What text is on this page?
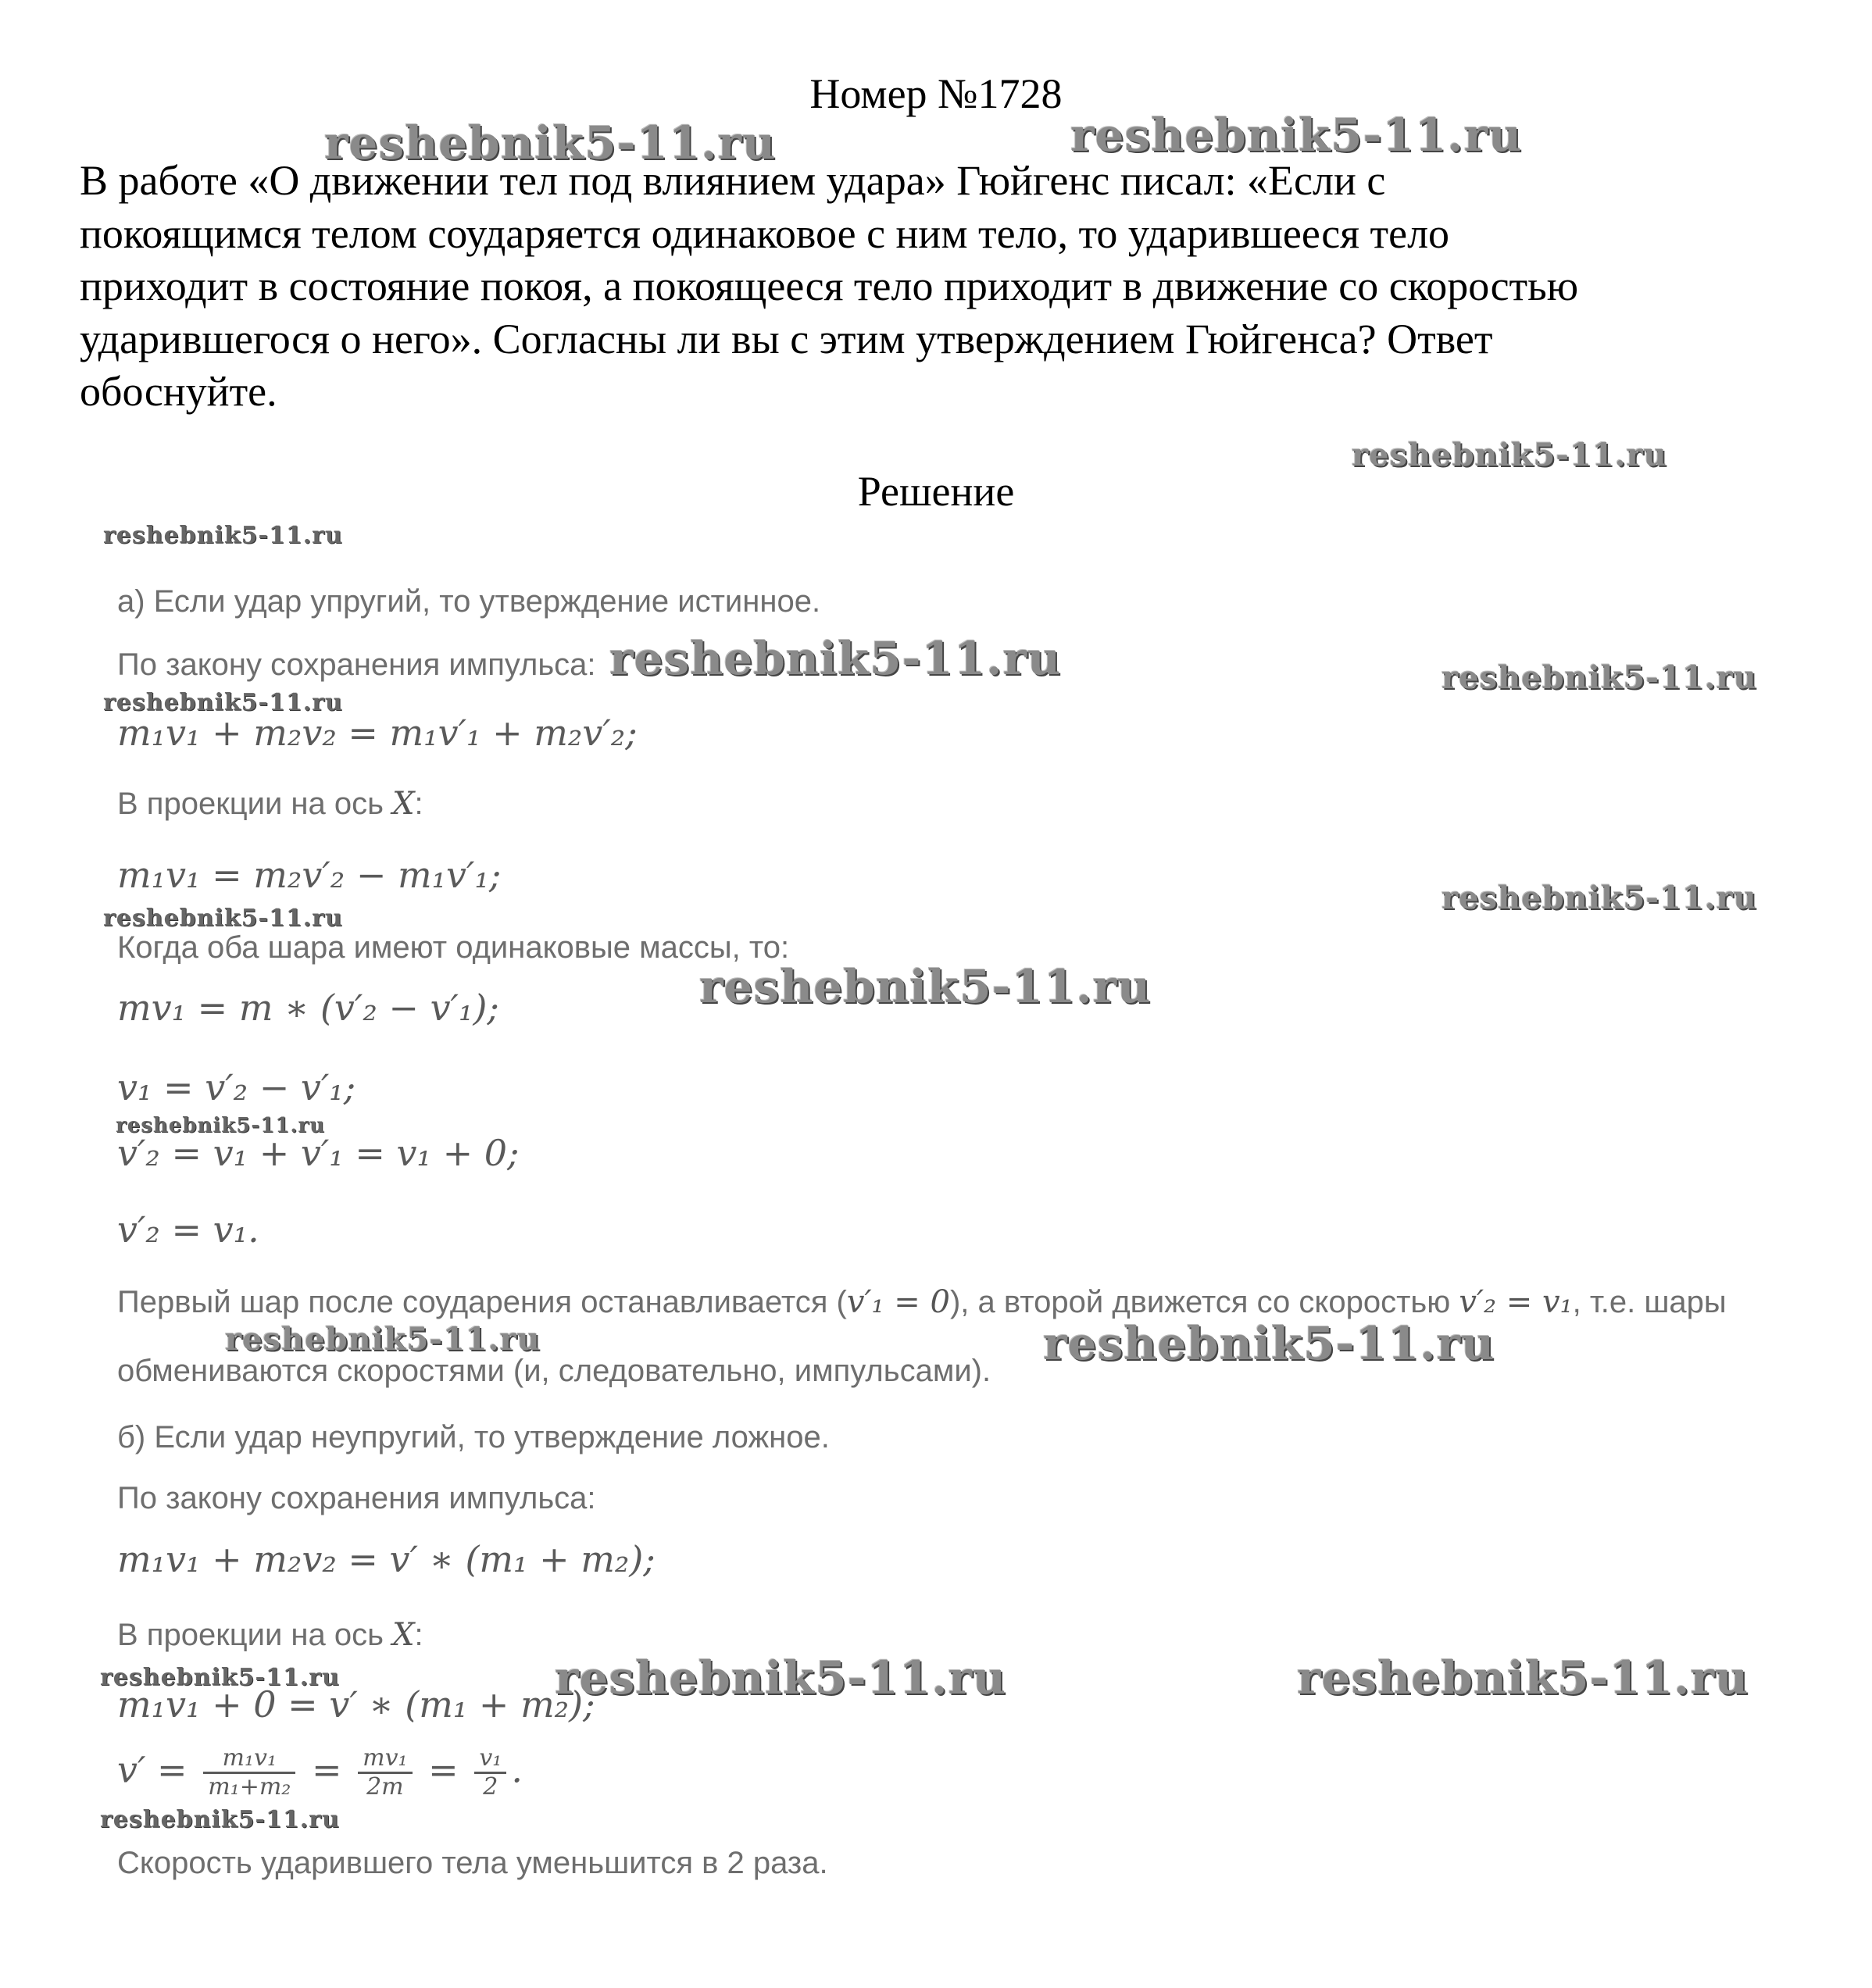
Номер №1728
В работе «О движении тел под влиянием удара» Гюйгенс писал: «Если с
покоящимся телом соударяется одинаковое с ним тело, то ударившееся тело
приходит в состояние покоя, а покоящееся тело приходит в движение со скоростью
ударившегося о него». Согласны ли вы с этим утверждением Гюйгенса? Ответ
обоснуйте.
Решение
а) Если удар упругий, то утверждение истинное.
По закону сохранения импульса:
m₁v₁ + m₂v₂ = m₁v′₁ + m₂v′₂;
В проекции на ось X:
m₁v₁ = m₂v′₂ − m₁v′₁;
Когда оба шара имеют одинаковые массы, то:
mv₁ = m ∗ (v′₂ − v′₁);
v₁ = v′₂ − v′₁;
v′₂ = v₁ + v′₁ = v₁ + 0;
v′₂ = v₁.
Первый шар после соударения останавливается (v′₁ = 0), а второй движется со скоростью v′₂ = v₁, т.е. шары
обмениваются скоростями (и, следовательно, импульсами).
б) Если удар неупругий, то утверждение ложное.
По закону сохранения импульса:
m₁v₁ + m₂v₂ = v′ ∗ (m₁ + m₂);
В проекции на ось X:
m₁v₁ + 0 = v′ ∗ (m₁ + m₂);
$v' = \frac{\text{m₁v₁}}{\text{m₁+m₂}} = \frac{\text{mv₁}}{2m} = \frac{\text{v₁}}{2}$ .
Скорость ударившего тела уменьшится в 2 раза.
reshebnik5-11.ru	reshebnik5-11.ru
reshebnik5-11.ru
reshebnik5-11.ru
reshebnik5-11.ru	reshebnik5-11.ru
reshebnik5-11.ru
reshebnik5-11.ru
reshebnik5-11.ru
reshebnik5-11.ru
reshebnik5-11.ru
reshebnik5-11.ru	reshebnik5-11.ru
reshebnik5-11.ru	reshebnik5-11.ru	reshebnik5-11.ru
reshebnik5-11.ru
